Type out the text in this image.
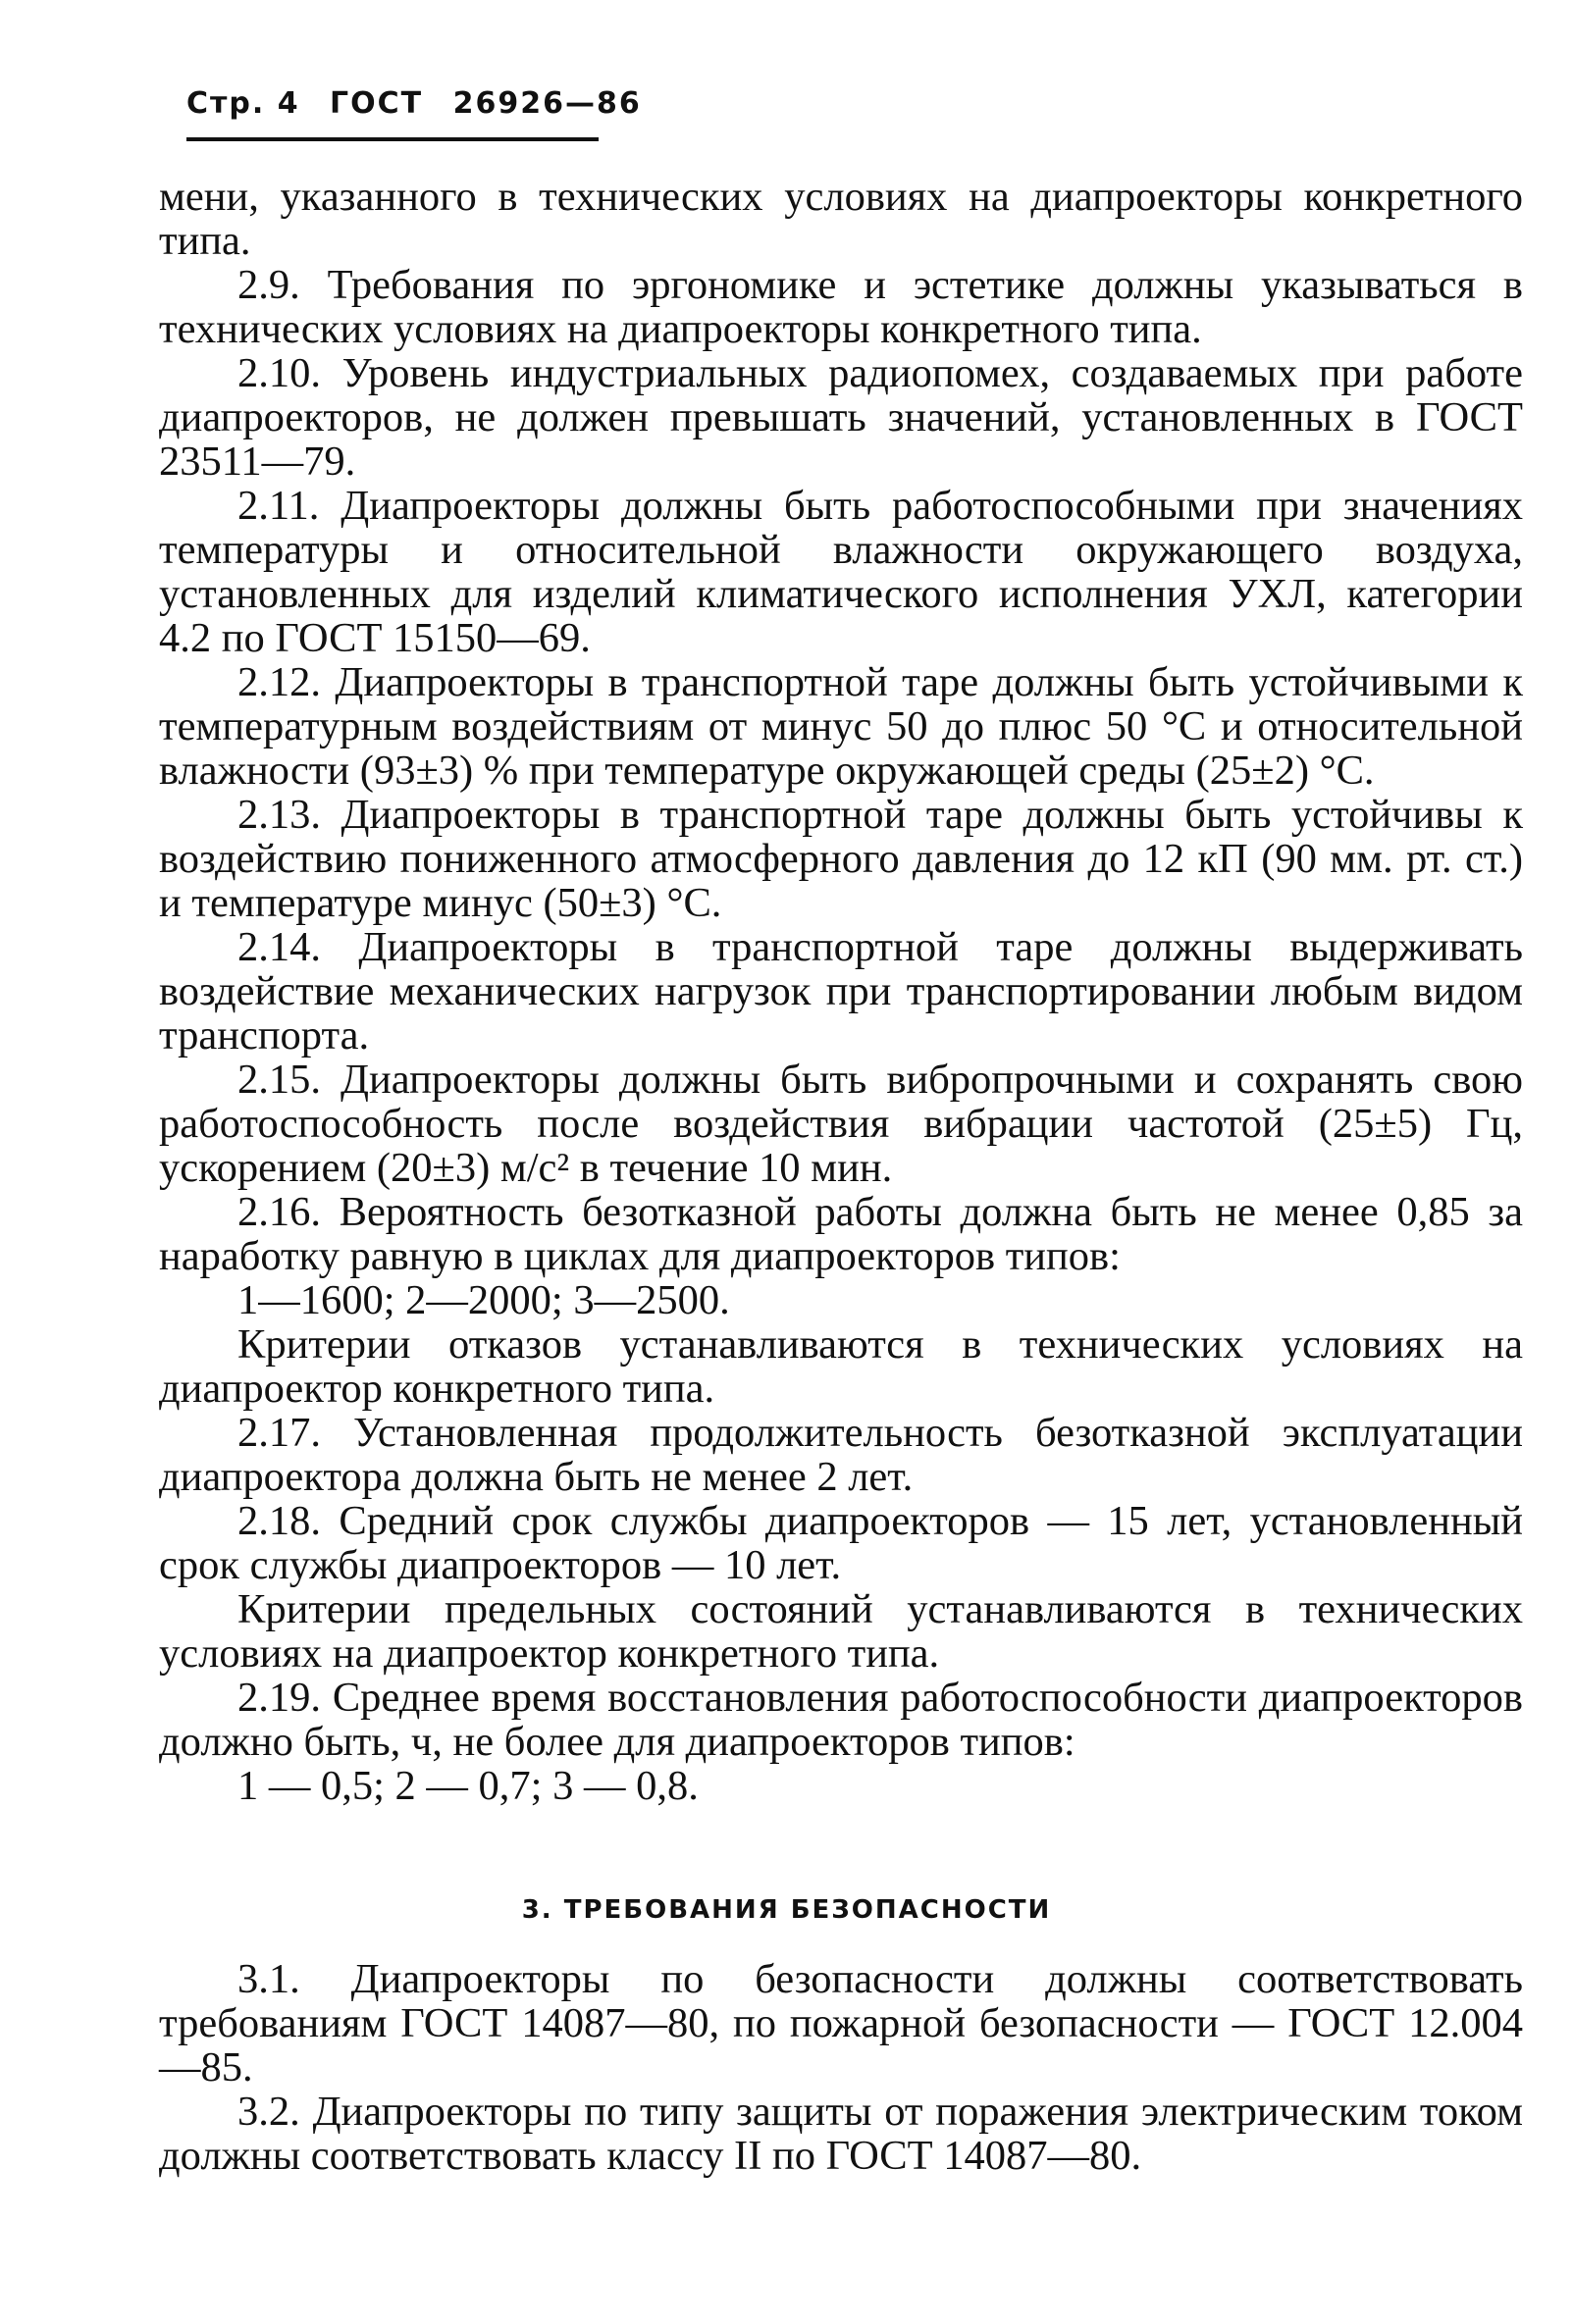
Стр. 4 ГОСТ 26926—86

мени, указанного в технических условиях на диапроекторы конкретного типа.

2.9. Требования по эргономике и эстетике должны указываться в технических условиях на диапроекторы конкретного типа.

2.10. Уровень индустриальных радиопомех, создаваемых при работе диапроекторов, не должен превышать значений, установленных в ГОСТ 23511—79.

2.11. Диапроекторы должны быть работоспособными при значениях температуры и относительной влажности окружающего воздуха, установленных для изделий климатического исполнения УХЛ, категории 4.2 по ГОСТ 15150—69.

2.12. Диапроекторы в транспортной таре должны быть устойчивыми к температурным воздействиям от минус 50 до плюс 50 °С и относительной влажности (93±3) % при температуре окружающей среды (25±2) °С.

2.13. Диапроекторы в транспортной таре должны быть устойчивы к воздействию пониженного атмосферного давления до 12 кП (90 мм. рт. ст.) и температуре минус (50±3) °С.

2.14. Диапроекторы в транспортной таре должны выдерживать воздействие механических нагрузок при транспортировании любым видом транспорта.

2.15. Диапроекторы должны быть вибропрочными и сохранять свою работоспособность после воздействия вибрации частотой (25±5) Гц, ускорением (20±3) м/с² в течение 10 мин.

2.16. Вероятность безотказной работы должна быть не менее 0,85 за наработку равную в циклах для диапроекторов типов:

1—1600; 2—2000; 3—2500.

Критерии отказов устанавливаются в технических условиях на диапроектор конкретного типа.

2.17. Установленная продолжительность безотказной эксплуатации диапроектора должна быть не менее 2 лет.

2.18. Средний срок службы диапроекторов — 15 лет, установленный срок службы диапроекторов — 10 лет.

Критерии предельных состояний устанавливаются в технических условиях на диапроектор конкретного типа.

2.19. Среднее время восстановления работоспособности диапроекторов должно быть, ч, не более для диапроекторов типов:

1 — 0,5; 2 — 0,7; 3 — 0,8.

3. ТРЕБОВАНИЯ БЕЗОПАСНОСТИ

3.1. Диапроекторы по безопасности должны соответствовать требованиям ГОСТ 14087—80, по пожарной безопасности — ГОСТ 12.004—85.

3.2. Диапроекторы по типу защиты от поражения электрическим током должны соответствовать классу II по ГОСТ 14087—80.
